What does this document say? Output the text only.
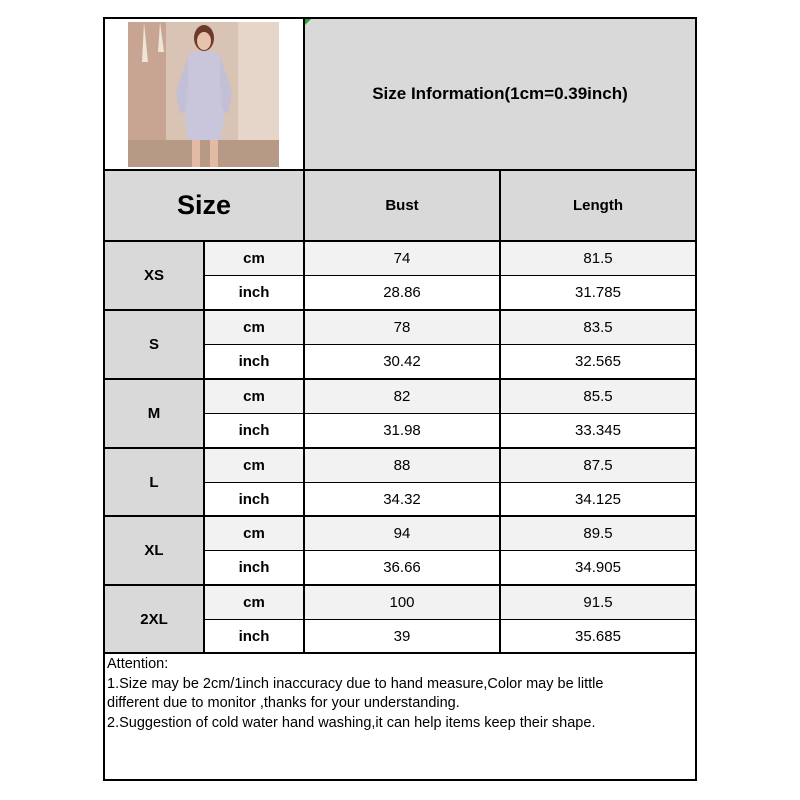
Size Information(1cm=0.39inch)
Size	Bust	Length
XS
cm	74	81.5
inch	28.86	31.785
S
cm	78	83.5
inch	30.42	32.565
M
cm	82	85.5
inch	31.98	33.345
L
cm	88	87.5
inch	34.32	34.125
XL
cm	94	89.5
inch	36.66	34.905
2XL
cm	100	91.5
inch	39	35.685
Attention:
1.Size may be 2cm/1inch inaccuracy due to hand measure,Color may be little
different due to monitor ,thanks for your understanding.
2.Suggestion of cold water hand washing,it can help items keep their shape.
